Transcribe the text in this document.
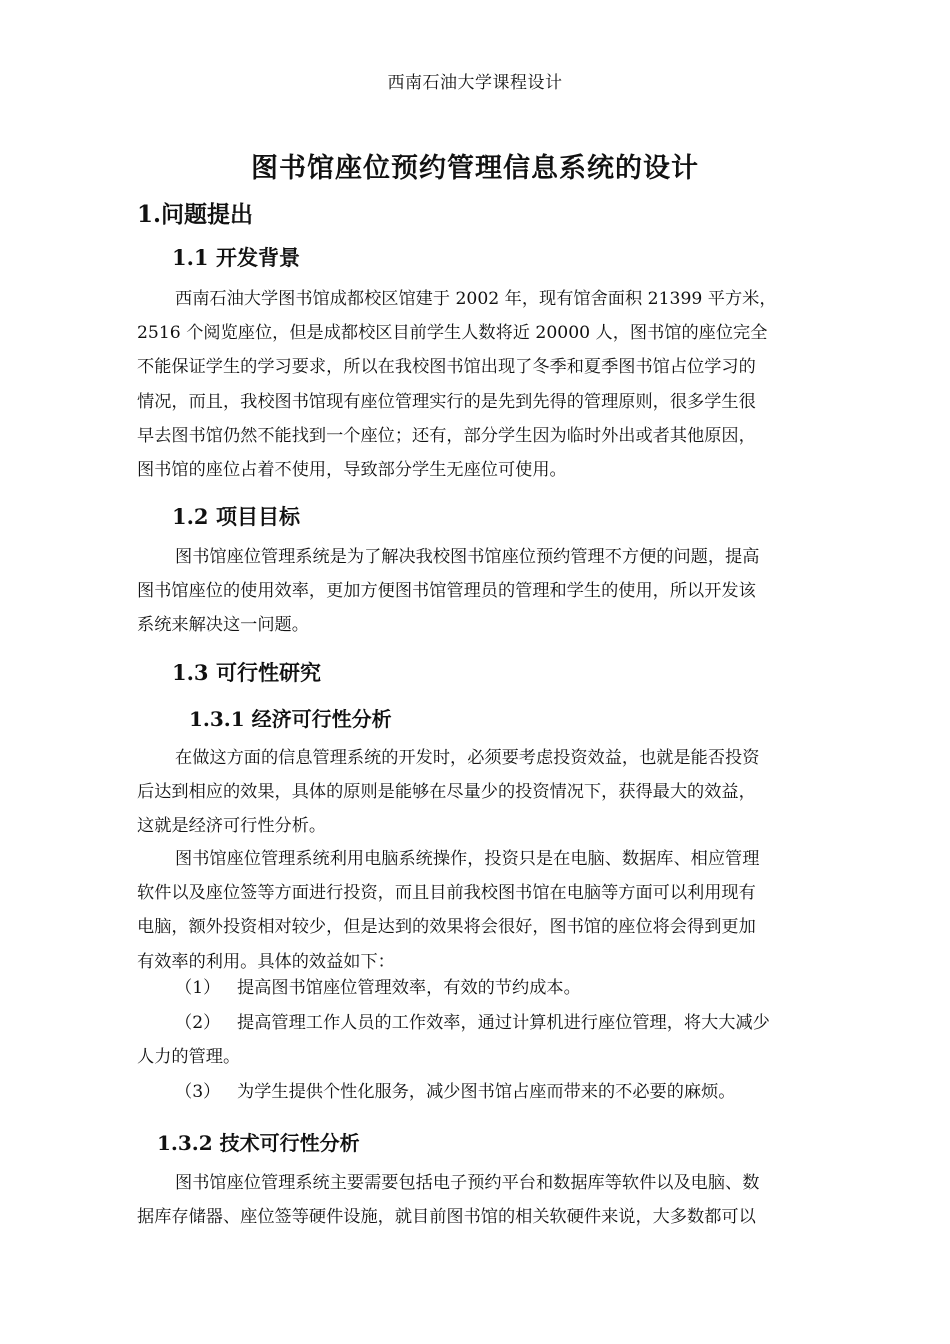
西南石油大学课程设计
图书馆座位预约管理信息系统的设计
1.问题提出
1.1 开发背景

西南石油大学图书馆成都校区馆建于 2002 年，现有馆舍面积 21399 平方米，

2516 个阅览座位，但是成都校区目前学生人数将近 20000 人，图书馆的座位完全

不能保证学生的学习要求，所以在我校图书馆出现了冬季和夏季图书馆占位学习的

情况，而且，我校图书馆现有座位管理实行的是先到先得的管理原则，很多学生很

早去图书馆仍然不能找到一个座位；还有，部分学生因为临时外出或者其他原因，

图书馆的座位占着不使用，导致部分学生无座位可使用。

1.2 项目目标

图书馆座位管理系统是为了解决我校图书馆座位预约管理不方便的问题，提高

图书馆座位的使用效率，更加方便图书馆管理员的管理和学生的使用，所以开发该

系统来解决这一问题。

1.3 可行性研究
1.3.1 经济可行性分析

在做这方面的信息管理系统的开发时，必须要考虑投资效益，也就是能否投资

后达到相应的效果，具体的原则是能够在尽量少的投资情况下，获得最大的效益，

这就是经济可行性分析。

图书馆座位管理系统利用电脑系统操作，投资只是在电脑、数据库、相应管理

软件以及座位签等方面进行投资，而且目前我校图书馆在电脑等方面可以利用现有

电脑，额外投资相对较少，但是达到的效果将会很好，图书馆的座位将会得到更加

有效率的利用。具体的效益如下：

（1） 提高图书馆座位管理效率，有效的节约成本。
（2） 提高管理工作人员的工作效率，通过计算机进行座位管理，将大大减少
人力的管理。
（3） 为学生提供个性化服务，减少图书馆占座而带来的不必要的麻烦。
1.3.2 技术可行性分析

图书馆座位管理系统主要需要包括电子预约平台和数据库等软件以及电脑、数

据库存储器、座位签等硬件设施，就目前图书馆的相关软硬件来说，大多数都可以
